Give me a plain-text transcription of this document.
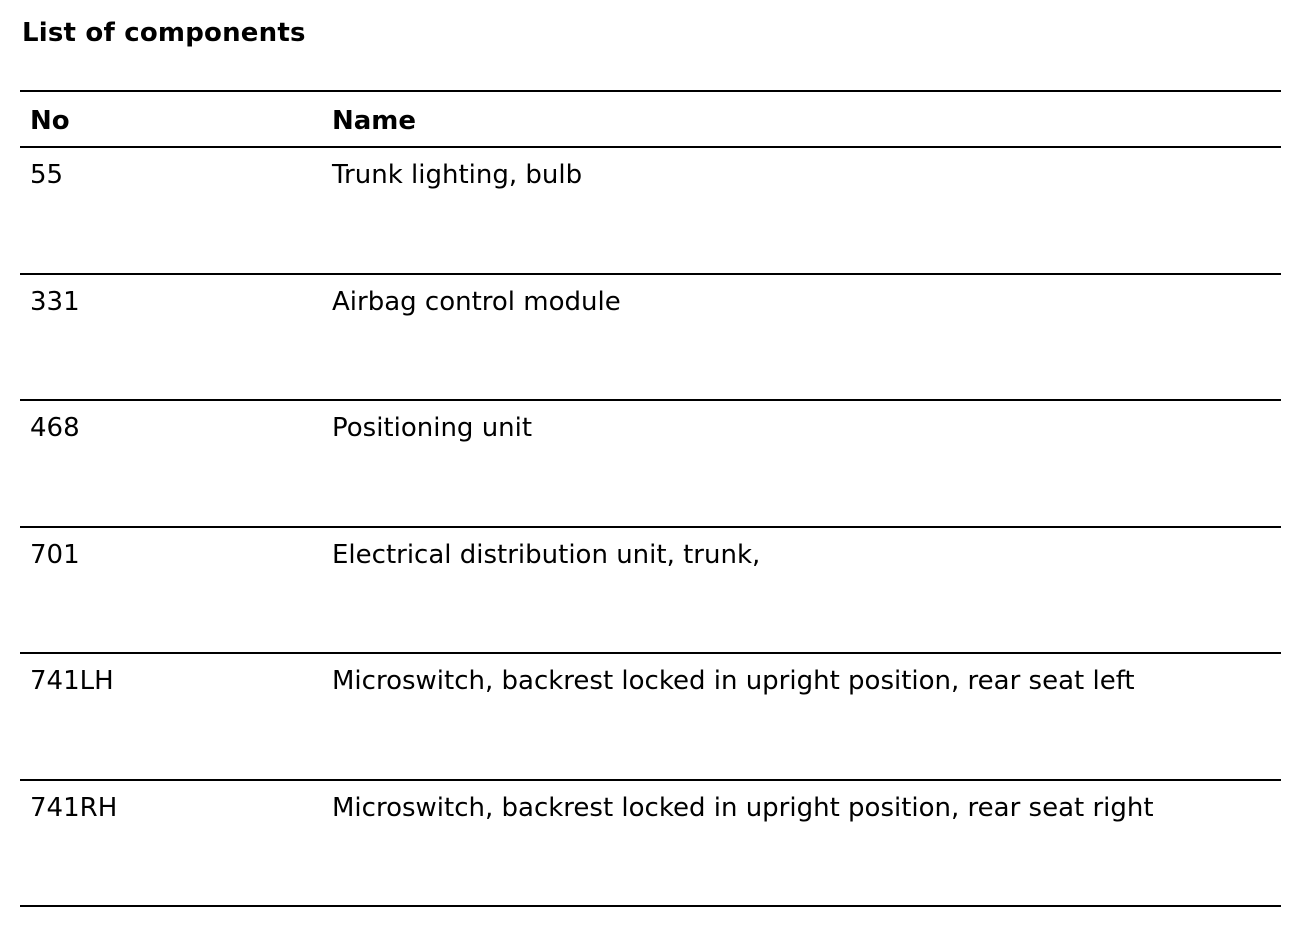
List of components
No	Name
55	Trunk lighting, bulb
331	Airbag control module
468	Positioning unit
701	Electrical distribution unit, trunk,
741LH	Microswitch, backrest locked in upright position, rear seat left
741RH	Microswitch, backrest locked in upright position, rear seat right
